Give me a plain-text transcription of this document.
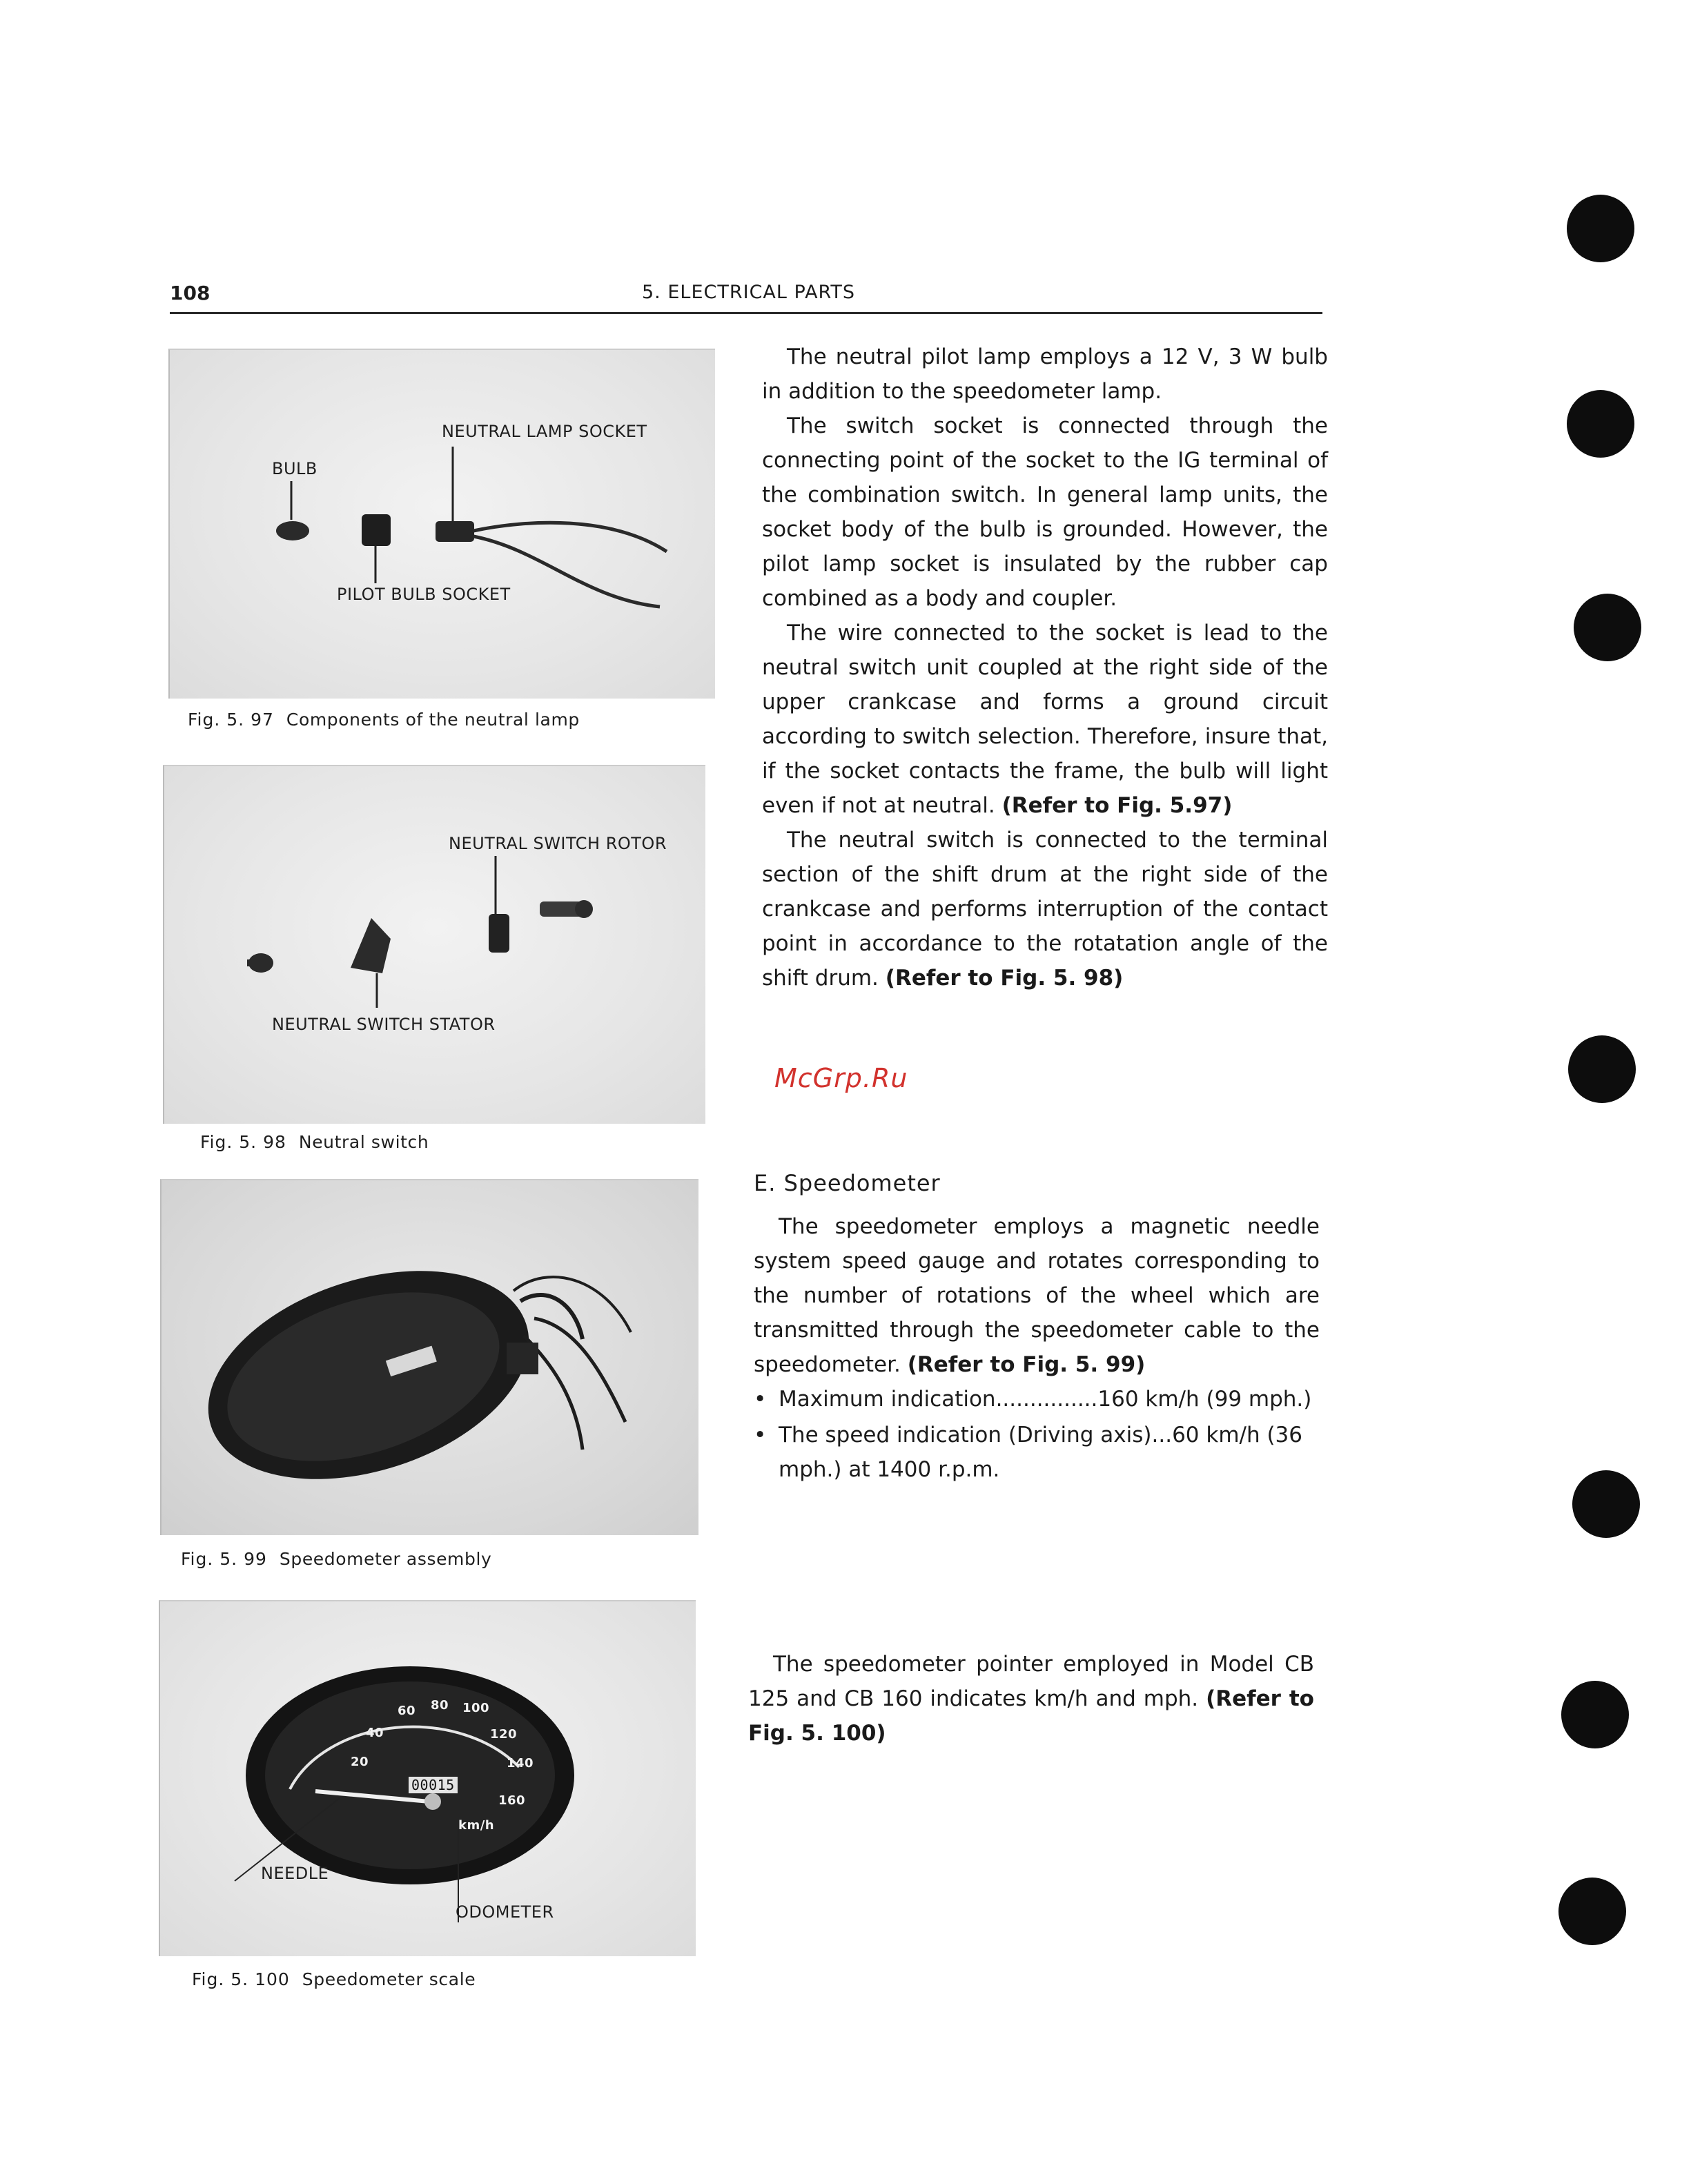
108	5. ELECTRICAL PARTS
NEUTRAL LAMP SOCKET
BULB
PILOT BULB SOCKET
Fig. 5. 97 Components of the neutral lamp
NEUTRAL SWITCH ROTOR
NEUTRAL SWITCH STATOR
Fig. 5. 98 Neutral switch
Fig. 5. 99 Speedometer assembly
20
40
60 80 100
120
140
160
00015
km/h
NEEDLE
ODOMETER
Fig. 5. 100 Speedometer scale

The neutral pilot lamp employs a 12 V, 3 W bulb in addition to the speedometer lamp.

The switch socket is connected through the connecting point of the socket to the IG terminal of the combination switch. In general lamp units, the socket body of the bulb is grounded. However, the pilot lamp socket is insulated by the rubber cap combined as a body and coupler.

The wire connected to the socket is lead to the neutral switch unit coupled at the right side of the upper crankcase and forms a ground circuit according to switch selection. Therefore, insure that, if the socket contacts the frame, the bulb will light even if not at neutral. (Refer to Fig. 5.97)

The neutral switch is connected to the terminal section of the shift drum at the right side of the crankcase and performs interruption of the contact point in accordance to the rotatation angle of the shift drum. (Refer to Fig. 5. 98)

McGrp.Ru
E. Speedometer

The speedometer employs a magnetic needle system speed gauge and rotates corresponding to the number of rotations of the wheel which are transmitted through the speedometer cable to the speedometer. (Refer to Fig. 5. 99)

• Maximum indication...............160 km/h (99 mph.)
• The speed indication (Driving axis)...60 km/h (36 mph.) at 1400 r.p.m.

The speedometer pointer employed in Model CB 125 and CB 160 indicates km/h and mph. (Refer to Fig. 5. 100)
